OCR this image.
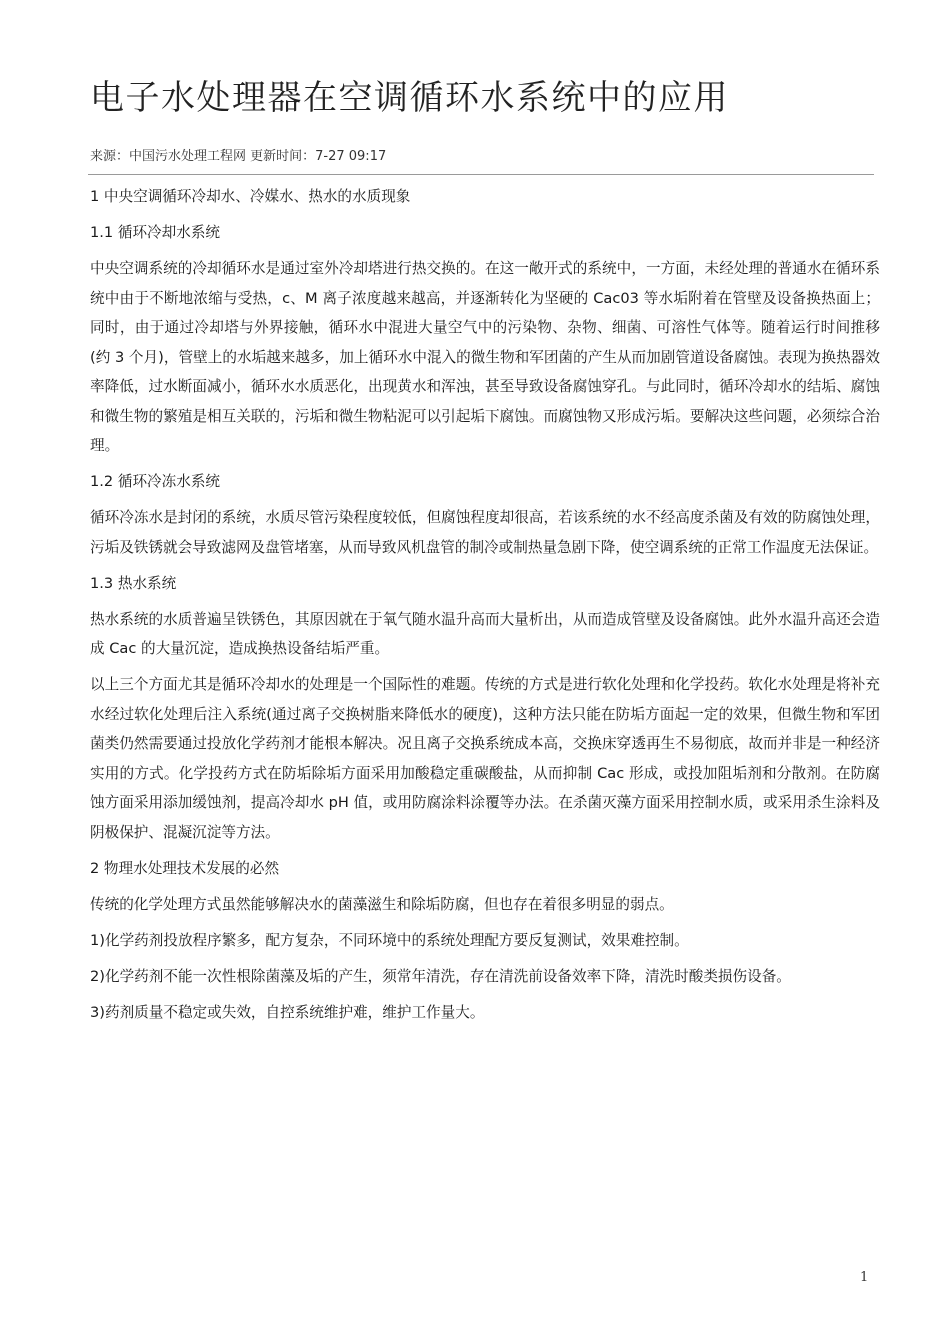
电子水处理器在空调循环水系统中的应用
来源：中国污水处理工程网 更新时间：7-27 09:17

1 中央空调循环冷却水、冷媒水、热水的水质现象

1.1 循环冷却水系统

中央空调系统的冷却循环水是通过室外冷却塔进行热交换的。在这一敞开式的系统中，一方面，未经处理的普通水在循环系统中由于不断地浓缩与受热，c、M 离子浓度越来越高，并逐渐转化为坚硬的 Cac03 等水垢附着在管壁及设备换热面上；同时，由于通过冷却塔与外界接触，循环水中混进大量空气中的污染物、杂物、细菌、可溶性气体等。随着运行时间推移(约 3 个月)，管壁上的水垢越来越多，加上循环水中混入的微生物和军团菌的产生从而加剧管道设备腐蚀。表现为换热器效率降低，过水断面减小，循环水水质恶化，出现黄水和浑浊，甚至导致设备腐蚀穿孔。与此同时，循环冷却水的结垢、腐蚀和微生物的繁殖是相互关联的，污垢和微生物粘泥可以引起垢下腐蚀。而腐蚀物又形成污垢。要解决这些问题，必须综合治理。

1.2 循环冷冻水系统

循环冷冻水是封闭的系统，水质尽管污染程度较低，但腐蚀程度却很高，若该系统的水不经高度杀菌及有效的防腐蚀处理，污垢及铁锈就会导致滤网及盘管堵塞，从而导致风机盘管的制冷或制热量急剧下降，使空调系统的正常工作温度无法保证。

1.3 热水系统

热水系统的水质普遍呈铁锈色，其原因就在于氧气随水温升高而大量析出，从而造成管壁及设备腐蚀。此外水温升高还会造成 Cac 的大量沉淀，造成换热设备结垢严重。

以上三个方面尤其是循环冷却水的处理是一个国际性的难题。传统的方式是进行软化处理和化学投药。软化水处理是将补充水经过软化处理后注入系统(通过离子交换树脂来降低水的硬度)，这种方法只能在防垢方面起一定的效果，但微生物和军团菌类仍然需要通过投放化学药剂才能根本解决。况且离子交换系统成本高，交换床穿透再生不易彻底，故而并非是一种经济实用的方式。化学投药方式在防垢除垢方面采用加酸稳定重碳酸盐，从而抑制 Cac 形成，或投加阻垢剂和分散剂。在防腐蚀方面采用添加缓蚀剂，提高冷却水 pH 值，或用防腐涂料涂覆等办法。在杀菌灭藻方面采用控制水质，或采用杀生涂料及阴极保护、混凝沉淀等方法。

2 物理水处理技术发展的必然

传统的化学处理方式虽然能够解决水的菌藻滋生和除垢防腐，但也存在着很多明显的弱点。

1)化学药剂投放程序繁多，配方复杂，不同环境中的系统处理配方要反复测试，效果难控制。

2)化学药剂不能一次性根除菌藻及垢的产生，须常年清洗，存在清洗前设备效率下降，清洗时酸类损伤设备。

3)药剂质量不稳定或失效，自控系统维护难，维护工作量大。

1
